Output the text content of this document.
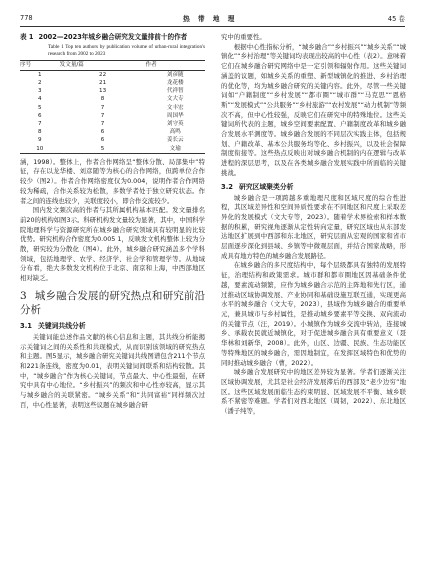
778	热 带 地 理	45 卷
表 1 2002—2023年城乡融合研究发文量排前十的作者
Table 1 Top ten authors by publication volume of urban-rural integration's research from 2002 to 2023
序号	发文量/篇	作者
1	22	刘彦随
2	21	龙花楼
3	13	代祥智
4	8	文大专
5	7	文丰宏
6	7	周国华
7	7	刘守英
8	6	高鸣
9	6	姜长云
10	5	文瑜

涵，1998）。整体上，作者合作网络呈“整体分散、局部集中”特征，存在以龙华楼、刘彦随等为核心的合作网络，但跨单位合作较少（图2）。作者合作网络密度仅为0.004，说明作者合作网络较为稀疏，合作关系较为松散，多数学者处于独立研究状态。作者之间的连线也较少，关联度较小，即合作交流较少。

国内发文频次高的作者与其所属机构基本匹配。发文量排名前20的机构如图3示。科研机构发文量较为显著，其中，中国科学院地理科学与资源研究所在城乡融合研究领域具有较明显的比较优势。研究机构合作密度为0.005 1，反映发文机构整体上较为分散，研究较为分散化（图4）。此外，城乡融合研究涵盖多个学科领域，包括地理学、农学、经济学、社会学和管理学等。从地域分布看，绝大多数发文机构位于北京、南京和上海，中西部地区相对缺乏。

3 城乡融合发展的研究热点和研究前沿分析
3.1 关键词共线分析

关键词能总述作品文献的核心信息和主题，其共线分析能揭示关键词之间的关系性和共现模式，从而识别该领域的研究热点和主题。图5显示，城乡融合研究关键词共线图谱包含211个节点和221条连线，密度为0.01，表明关键词间联系和结构较散。其中，“城乡融合”作为核心关键词，节点最大、中心性最强，在研究中具有中心地位。“乡村振兴”的频次和中心性亦较高，显示其与城乡融合的关联紧密。“城乡关系”和“共同富裕”同样频次过百，中心性显著，表明这些议题在城乡融合研

究中的重要性。

根据中心性指标分析，“城乡融合”“乡村振兴”“城乡关系”“城镇化”“乡村治理”等关键词均表现出较高的中心性（表2）。意味着它们在城乡融合研究网络中是一定引领和辐射作用。这些关键词涵盖的议题，如城乡关系的重塑、新型城镇化的推进、乡村治理的优化等，均为城乡融合研究的关键内容。此外，尽管一些关键词如“户籍制度”“乡村发展”“都市圈”“城市群”“马克思”“恩格斯”“发展模式”“公共服务”“乡村旅游”“农村发展”“动力机制”等频次不高，但中心性较强，反映它们在研究中的特殊地位。这些关键词所代表的主题，城乡空间要素配置、户籍制度改革和城乡融合发展水平测度等。城乡融合发展的不同层次实践主体，包括规划、户籍改革、基本公共服务均等化、乡村振兴，以及社会保障制度衔接等。这些热点反映出对城乡融合机制的内在逻辑与改革进程的深层思考，以及在各类城乡融合发展实践中所面临的关键挑战。

3.2 研究区域聚类分析

城乡融合是一项跨越多重地理尺度和区域尺度的综合性进程，其区域差异性和空间异质性要求在不同地区和尺度上采取差异化的发展模式（文大专等，2023）。随着学术界检索和样本数据的积累，研究视角逐渐从定性转向定量，研究区域也从东部发达地区扩展到中西部和东北地区，研究层面从宏观的国家和省市层面逐步深化到县域、乡镇等中微观层面，并结合国家战略，形成具有地方特色的城乡融合发展路径。

在城乡融合的多尺度结构中，每个层级都具有独特的发展特征，治理结构和政策需求。城市群和都市圈地区因基础条件优越，要素流动频繁，应作为城乡融合示范的主阵地和先行区，通过推动区域协调发展、产业协同和基础设施互联互通，实现更高水平的城乡融合（文大专，2023），县域作为城乡融合的重要单元，兼具城市与乡村属性，是推动城乡要素平等交换、双向流动的关键节点（汪，2019）。小城镇作为城乡交流中转站，连接城乡、承载农民就近城镇化，对于促进城乡融合具有重要意义（聂华林和刘新华，2008）。此外，山区、边疆、民族、生态功能区等特殊地区的城乡融合，需因地制宜，在发挥区域特色和优势的同时推动城乡融合（曹，2022）。

城乡融合发展研究中的地区差异较为显著。学者们逐渐关注区域协调发展，尤其是社会经济发展滞后的西部及“老少边穷”地区。这些区域发展面临生态约束明显、区域发展不平衡、城乡联系不紧密等难题。学者们对西北地区（周韧，2022）、东北地区（潘子纯等，
